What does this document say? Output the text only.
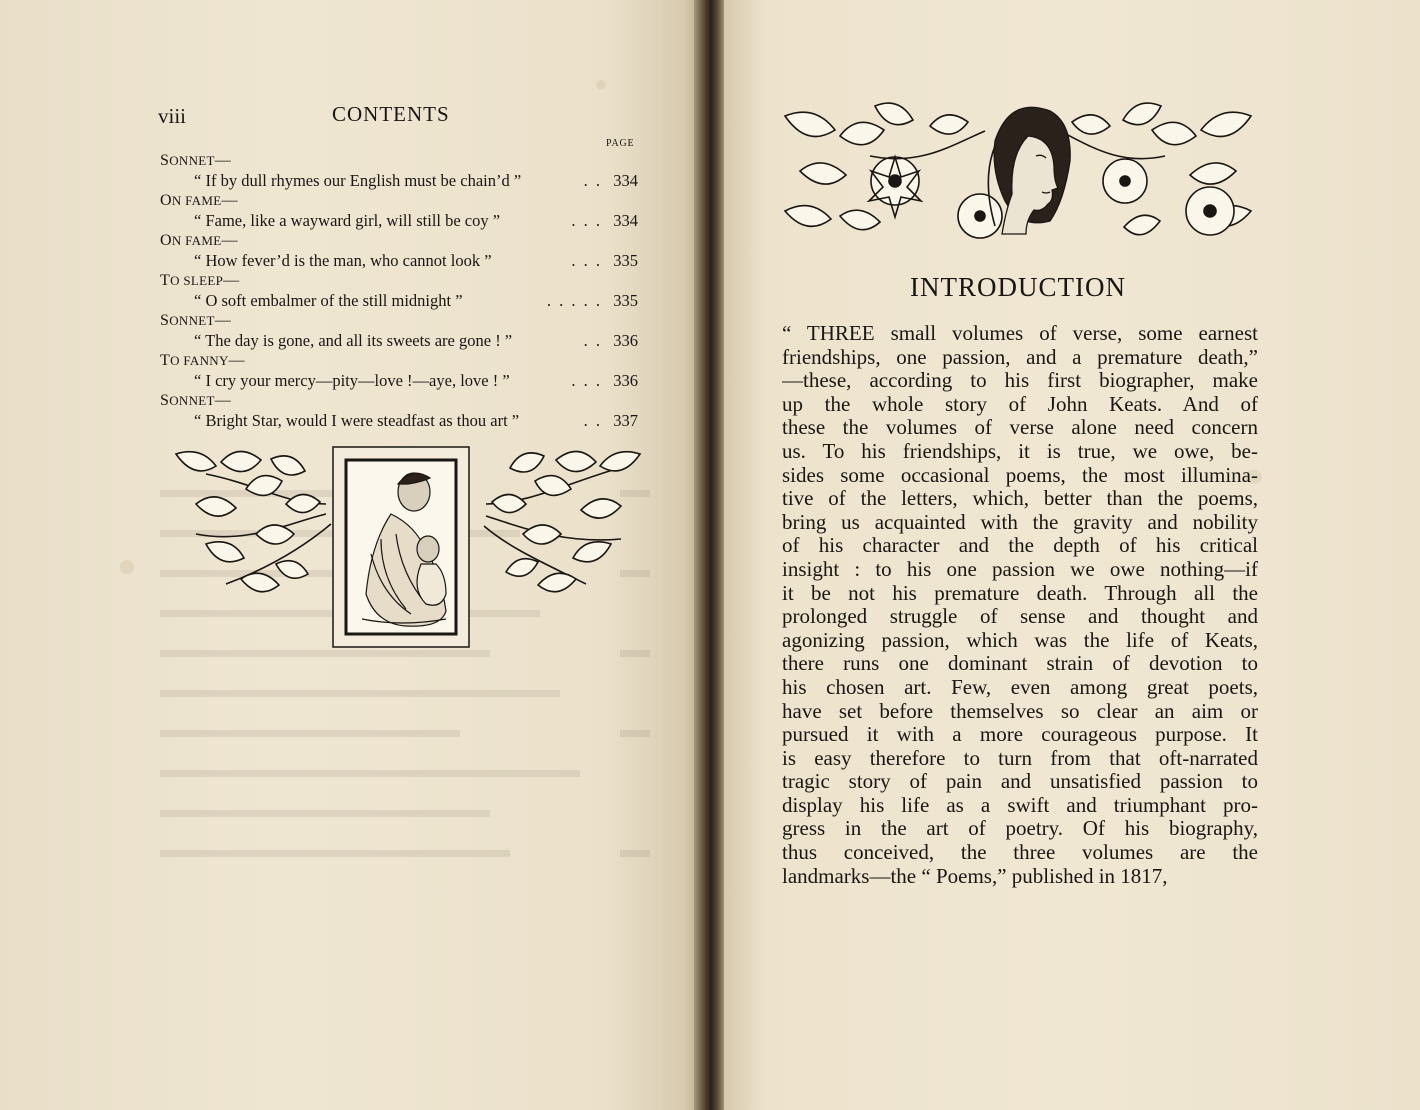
viii	CONTENTS
PAGE
SONNET—
“ If by dull rhymes our English must be chain’d ”	. . 334
ON FAME—
“ Fame, like a wayward girl, will still be coy ”	. . . 334
ON FAME—
“ How fever’d is the man, who cannot look ”	. . . 335
TO SLEEP—
“ O soft embalmer of the still midnight ”	. . . . . 335
SONNET—
“ The day is gone, and all its sweets are gone ! ”	. . 336
TO FANNY—
“ I cry your mercy—pity—love !—aye, love ! ”	. . . 336
SONNET—
“ Bright Star, would I were steadfast as thou art ”	. . 337
INTRODUCTION
“ THREE small volumes of verse, some earnest
friendships, one passion, and a premature death,”
—these, according to his first biographer, make
up the whole story of John Keats. And of
these the volumes of verse alone need concern
us. To his friendships, it is true, we owe, be-
sides some occasional poems, the most illumina-
tive of the letters, which, better than the poems,
bring us acquainted with the gravity and nobility
of his character and the depth of his critical
insight : to his one passion we owe nothing—if
it be not his premature death. Through all the
prolonged struggle of sense and thought and
agonizing passion, which was the life of Keats,
there runs one dominant strain of devotion to
his chosen art. Few, even among great poets,
have set before themselves so clear an aim or
pursued it with a more courageous purpose. It
is easy therefore to turn from that oft-narrated
tragic story of pain and unsatisfied passion to
display his life as a swift and triumphant pro-
gress in the art of poetry. Of his biography,
thus conceived, the three volumes are the
landmarks—the “ Poems,” published in 1817,
